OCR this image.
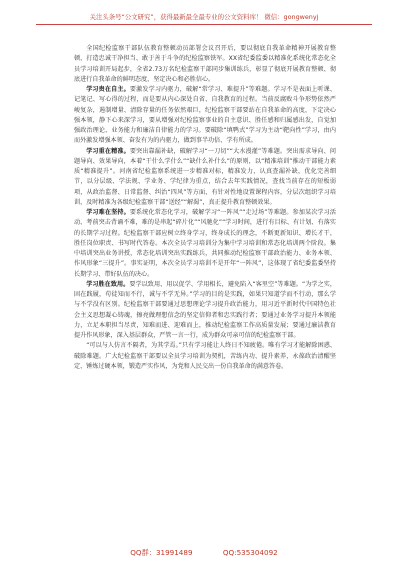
关注头条号“公文研究”，获得最新最全最专业的公文资料库！ 微信：gongwenyj

全国纪检监察干部队伍教育整顿动员部署会议召开后，要以彻底自我革命精神开展教育整顿，打造忠诚干净担当、敢于善于斗争的纪检监察铁军。XX省纪委监委以精准化系统化常态化全员学习培训开局起步，全省2.73万名纪检监察干部同步集训练兵，彰显了彻底开展教育整顿、彻底进行自我革命的鲜明态度，坚定决心和必胜信心。

学习贵在自主。要激发学习内驱力，破解“常学习、难提升”等难题。学习不是表面上听课、记笔记、写心得的过程，而是要从内心深处自省、自我教育的过程。当前反腐败斗争形势依然严峻复杂，遏制增量、清除存量的任务依然艰巨，纪检监察干部要站在自我革命的高度，下定决心强本领，静下心来深学习，要从增强对纪检监察事业的自主意识、胜任感和归属感出发，自觉加强政治理论、业务能力和廉洁自律能力的学习。要破除“填鸭式”学习为主动“靶向性”学习，由内而外激发增强本领、奋发有为的内驱力，做到事半功倍、学有所成。

学习重在精准。要突出靠漏补缺，破解学习“一刀切”“大水漫灌”等难题。突出需求导向、问题导向、效果导向，本着“干什么学什么”“缺什么补什么”的原则，以“精准培训”推动干部能力素质“精准提升”。河南省纪检监察系统进一步精准对标，精准发力，认真查漏补缺，优化完善细节，以分层级、学法规、学业务、学纪律为重点，结合去年实践情况，查找当前存在的短板弱项，从政治监督、日常监督、纠治“四风”等方面，有针对性地设置课程内容，分层次组织学习培训，及时精准为各级纪检监察干部“送经”“解渴”，真正提升教育整顿效果。

学习难在坚持。要系统化常态化学习，破解学习“一阵风”“走过场”等难题。参加某次学习活动、考前突击背诵不难，难的是串起“碎片化”“风驰化”“学习时间，进行有目标、有计划、有落实的长期学习过程。纪检监察干部应树立终身学习，终身成长的理念，不断更新知识、增长才干，胜任岗位职责、书写时代答卷。本次全员学习培训分为集中学习培训和常态化培训两个阶段。集中培训突出业务讲授，常态化培训突出实践练兵，共同推动纪检监察干部政治能力、业务本领、作风形象“三提升”。事实证明，本次全员学习培训不是开年“一阵风”，这体现了省纪委监委坚持长期学习、带好队伍的决心。

学习胜在致用。要学以致用、用以促学、学用相长，避免陷入“客里空”等难题。“为学之实，固在践履，苟徒知而不行，诚与不学无异。”学习的目的是实践，如果只知道学而不行动，那么学与不学没有区别。纪检监察干部要通过思想理论学习提升政治能力，用习近平新时代中国特色社会主义思想凝心铸魂，擦亮做理想信念的坚定信仰者和忠实践行者；要通过业务学习提升本领能力，立足本职担当尽责，知难而进、迎难而上，推动纪检监察工作高质量发展；要通过廉洁教育提升作风形象，深入基层群众，严管一言一行，成为群众可亲可信的纪检监察干部。

“可以与人仿言不隔者，为其学焉。”只有学习能让人终日不知疲倦。唯有学习才能解除困惑、破除难题。广大纪检监察干部要以全员学习培训为契机，苦练内功、提升素养，永葆政治清醒坚定、锤炼过硬本领，锻造严实作风，为党和人民交出一份自我革命的满意答卷。

QQ群：31991489	QQ:535304092
